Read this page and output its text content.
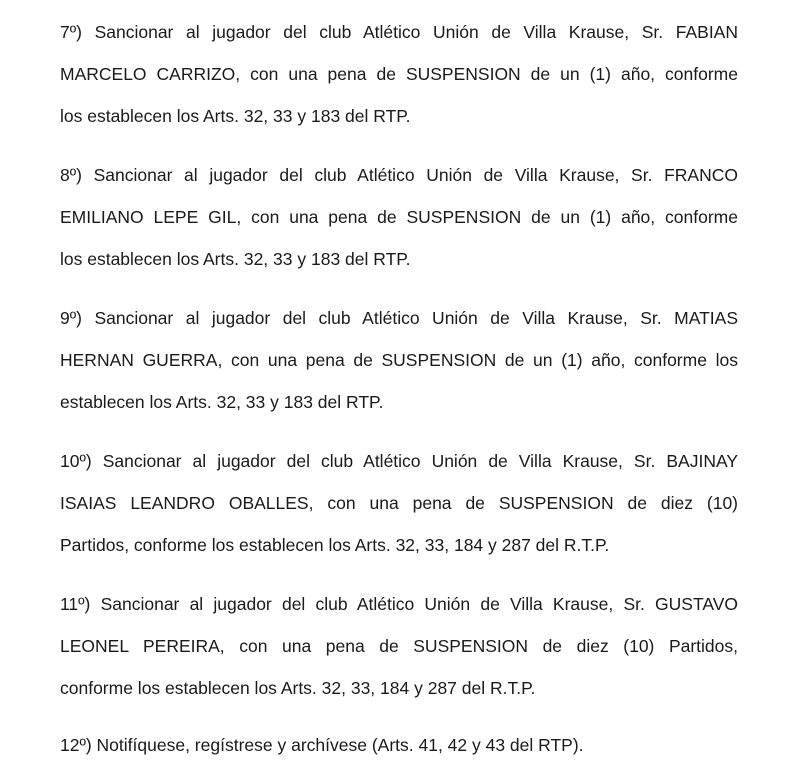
7º) Sancionar al jugador del club Atlético Unión de Villa Krause, Sr. FABIAN
MARCELO CARRIZO, con una pena de SUSPENSION de un (1) año, conforme
los establecen los Arts. 32, 33 y 183 del RTP.
8º) Sancionar al jugador del club Atlético Unión de Villa Krause, Sr. FRANCO
EMILIANO LEPE GIL, con una pena de SUSPENSION de un (1) año, conforme
los establecen los Arts. 32, 33 y 183 del RTP.
9º) Sancionar al jugador del club Atlético Unión de Villa Krause, Sr. MATIAS
HERNAN GUERRA, con una pena de SUSPENSION de un (1) año, conforme los
establecen los Arts. 32, 33 y 183 del RTP.
10º) Sancionar al jugador del club Atlético Unión de Villa Krause, Sr. BAJINAY
ISAIAS LEANDRO OBALLES, con una pena de SUSPENSION de diez (10)
Partidos, conforme los establecen los Arts. 32, 33, 184 y 287 del R.T.P.
11º) Sancionar al jugador del club Atlético Unión de Villa Krause, Sr. GUSTAVO
LEONEL PEREIRA, con una pena de SUSPENSION de diez (10) Partidos,
conforme los establecen los Arts. 32, 33, 184 y 287 del R.T.P.
12º) Notifíquese, regístrese y archívese (Arts. 41, 42 y 43 del RTP).
